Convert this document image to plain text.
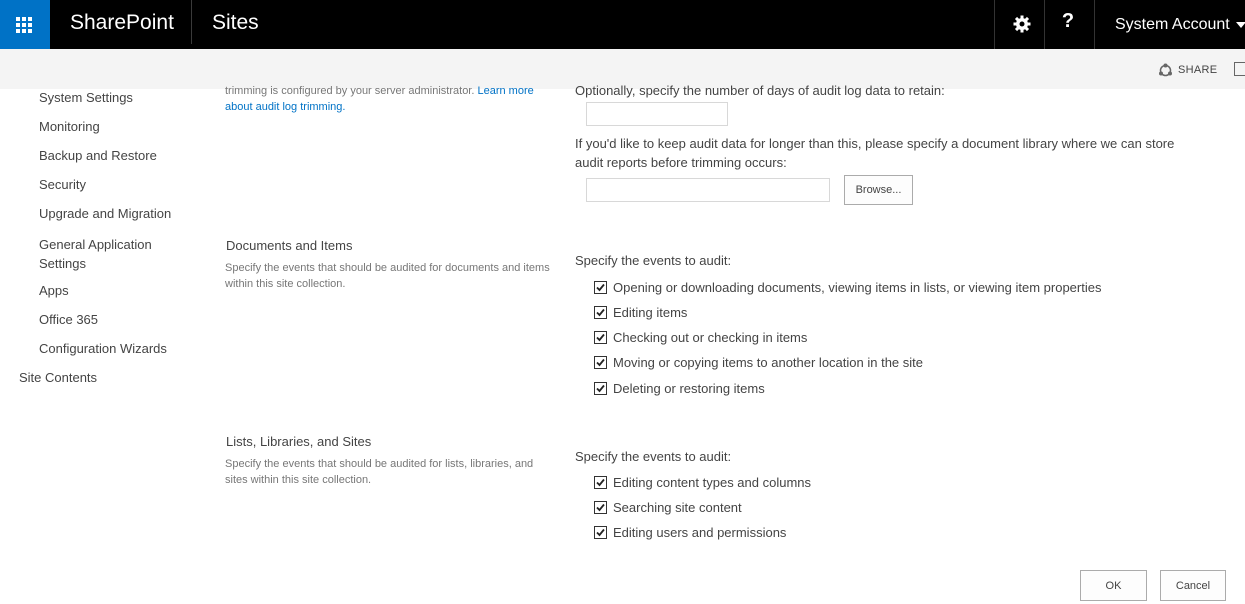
SharePoint Sites	?	System Account
SHARE
System Settings
Monitoring
Backup and Restore
Security
Upgrade and Migration
General Application Settings
Apps
Office 365
Configuration Wizards
Site Contents
trimming is configured by your server administrator. Learn more about audit log trimming.
Optionally, specify the number of days of audit log data to retain:
If you'd like to keep audit data for longer than this, please specify a document library where we can store audit reports before trimming occurs:
Browse...
Documents and Items
Specify the events that should be audited for documents and items within this site collection.
Specify the events to audit:
Opening or downloading documents, viewing items in lists, or viewing item properties
Editing items
Checking out or checking in items
Moving or copying items to another location in the site
Deleting or restoring items
Lists, Libraries, and Sites
Specify the events that should be audited for lists, libraries, and sites within this site collection.
Specify the events to audit:
Editing content types and columns
Searching site content
Editing users and permissions
OK	Cancel
